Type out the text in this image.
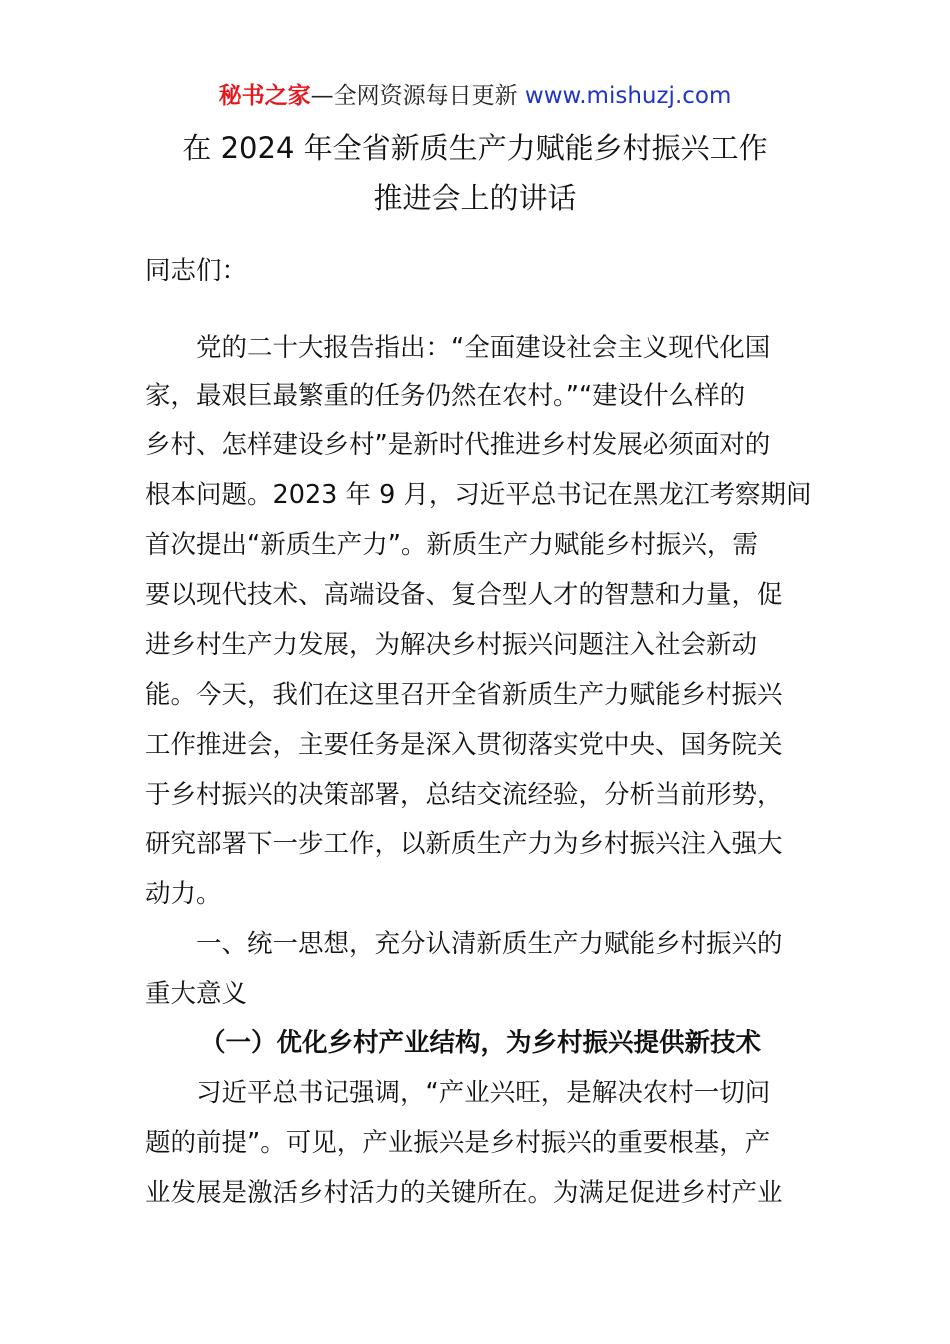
秘书之家—全网资源每日更新 www.mishuzj.com
在 2024 年全省新质生产力赋能乡村振兴工作
推进会上的讲话
同志们：
党的二十大报告指出：“全面建设社会主义现代化国
家，最艰巨最繁重的任务仍然在农村。”“建设什么样的
乡村、怎样建设乡村”是新时代推进乡村发展必须面对的
根本问题。2023 年 9 月，习近平总书记在黑龙江考察期间
首次提出“新质生产力”。新质生产力赋能乡村振兴，需
要以现代技术、高端设备、复合型人才的智慧和力量，促
进乡村生产力发展，为解决乡村振兴问题注入社会新动
能。今天，我们在这里召开全省新质生产力赋能乡村振兴
工作推进会，主要任务是深入贯彻落实党中央、国务院关
于乡村振兴的决策部署，总结交流经验，分析当前形势，
研究部署下一步工作，以新质生产力为乡村振兴注入强大
动力。
一、统一思想，充分认清新质生产力赋能乡村振兴的
重大意义
（一）优化乡村产业结构，为乡村振兴提供新技术
习近平总书记强调，“产业兴旺，是解决农村一切问
题的前提”。可见，产业振兴是乡村振兴的重要根基，产
业发展是激活乡村活力的关键所在。为满足促进乡村产业
